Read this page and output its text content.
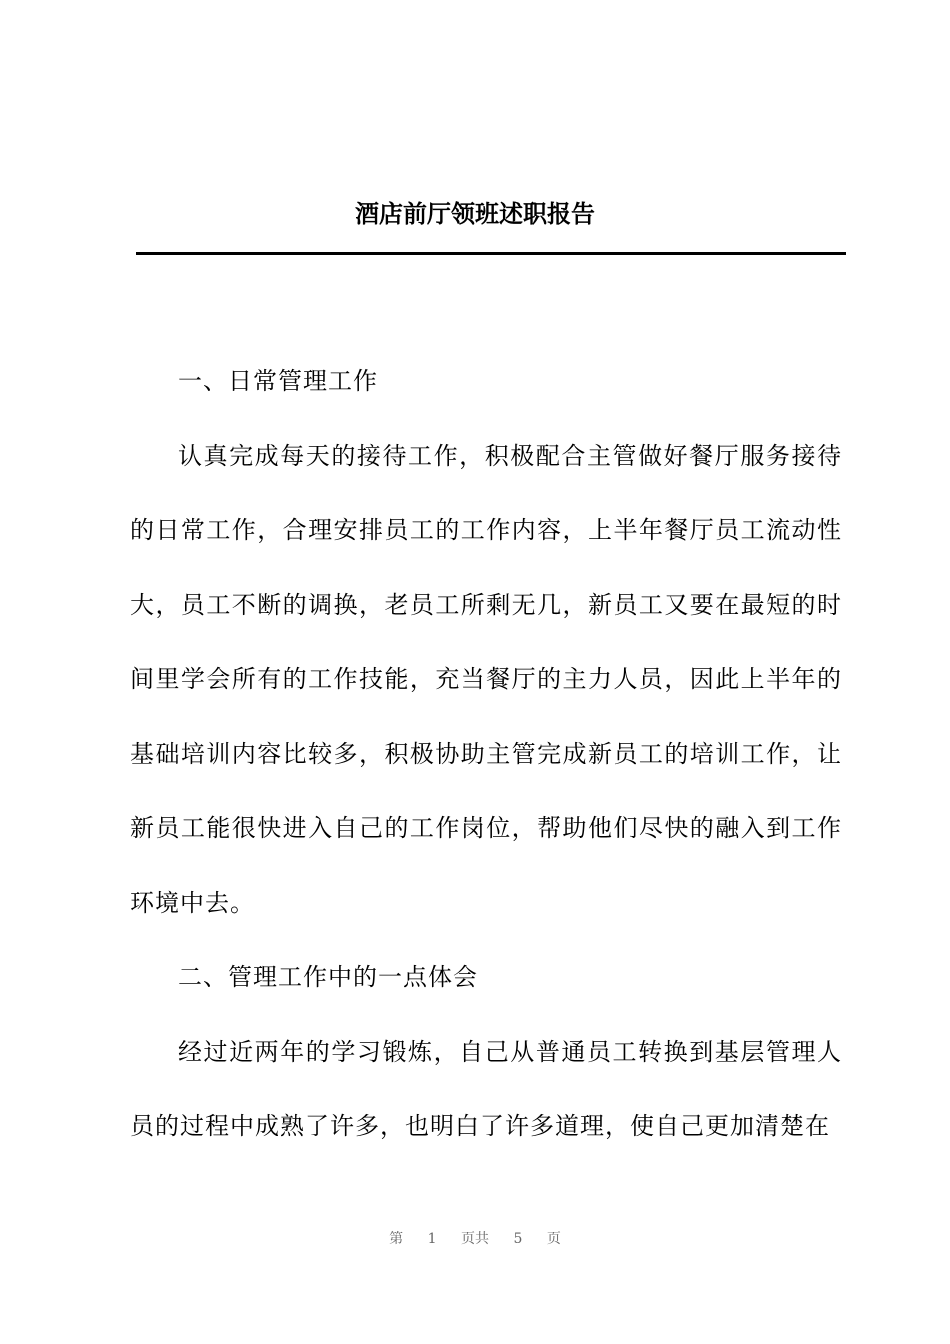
酒店前厅领班述职报告

一、日常管理工作

认真完成每天的接待工作，积极配合主管做好餐厅服务接待的日常工作，合理安排员工的工作内容，上半年餐厅员工流动性大，员工不断的调换，老员工所剩无几，新员工又要在最短的时间里学会所有的工作技能，充当餐厅的主力人员，因此上半年的基础培训内容比较多，积极协助主管完成新员工的培训工作，让新员工能很快进入自己的工作岗位，帮助他们尽快的融入到工作环境中去。

二、管理工作中的一点体会

经过近两年的学习锻炼，自己从普通员工转换到基层管理人员的过程中成熟了许多，也明白了许多道理，使自己更加清楚在

第 1 页共 5 页
